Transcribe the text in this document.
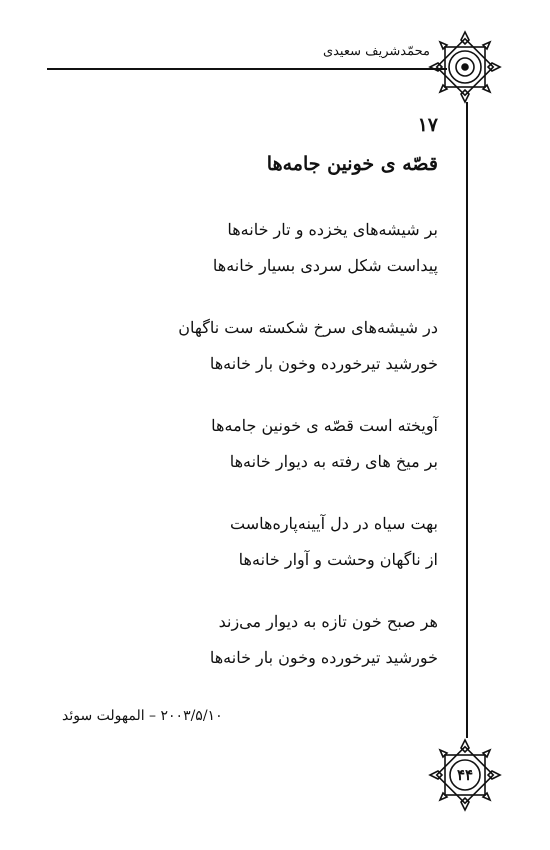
محمّدشریف سعیدی
۱۷
قصّه ی خونین جامه‌ها
بر شیشه‌های یخزده و تار خانه‌ها
پیداست شکل سردی بسیار خانه‌ها
در شیشه‌های سرخ شکسته ست ناگهان
خورشید تیرخورده وخون بار خانه‌ها
آویخته است قصّه ی خونین جامه‌ها
بر میخ های رفته به دیوار خانه‌ها
بهت سیاه در دل آیینه‌پاره‌هاست
از ناگهان وحشت و آوار خانه‌ها
هر صبح خون تازه به دیوار می‌زند
خورشید تیرخورده وخون بار خانه‌ها
۲۰۰۳/۵/۱۰ – المهولت سوئد
۴۴
